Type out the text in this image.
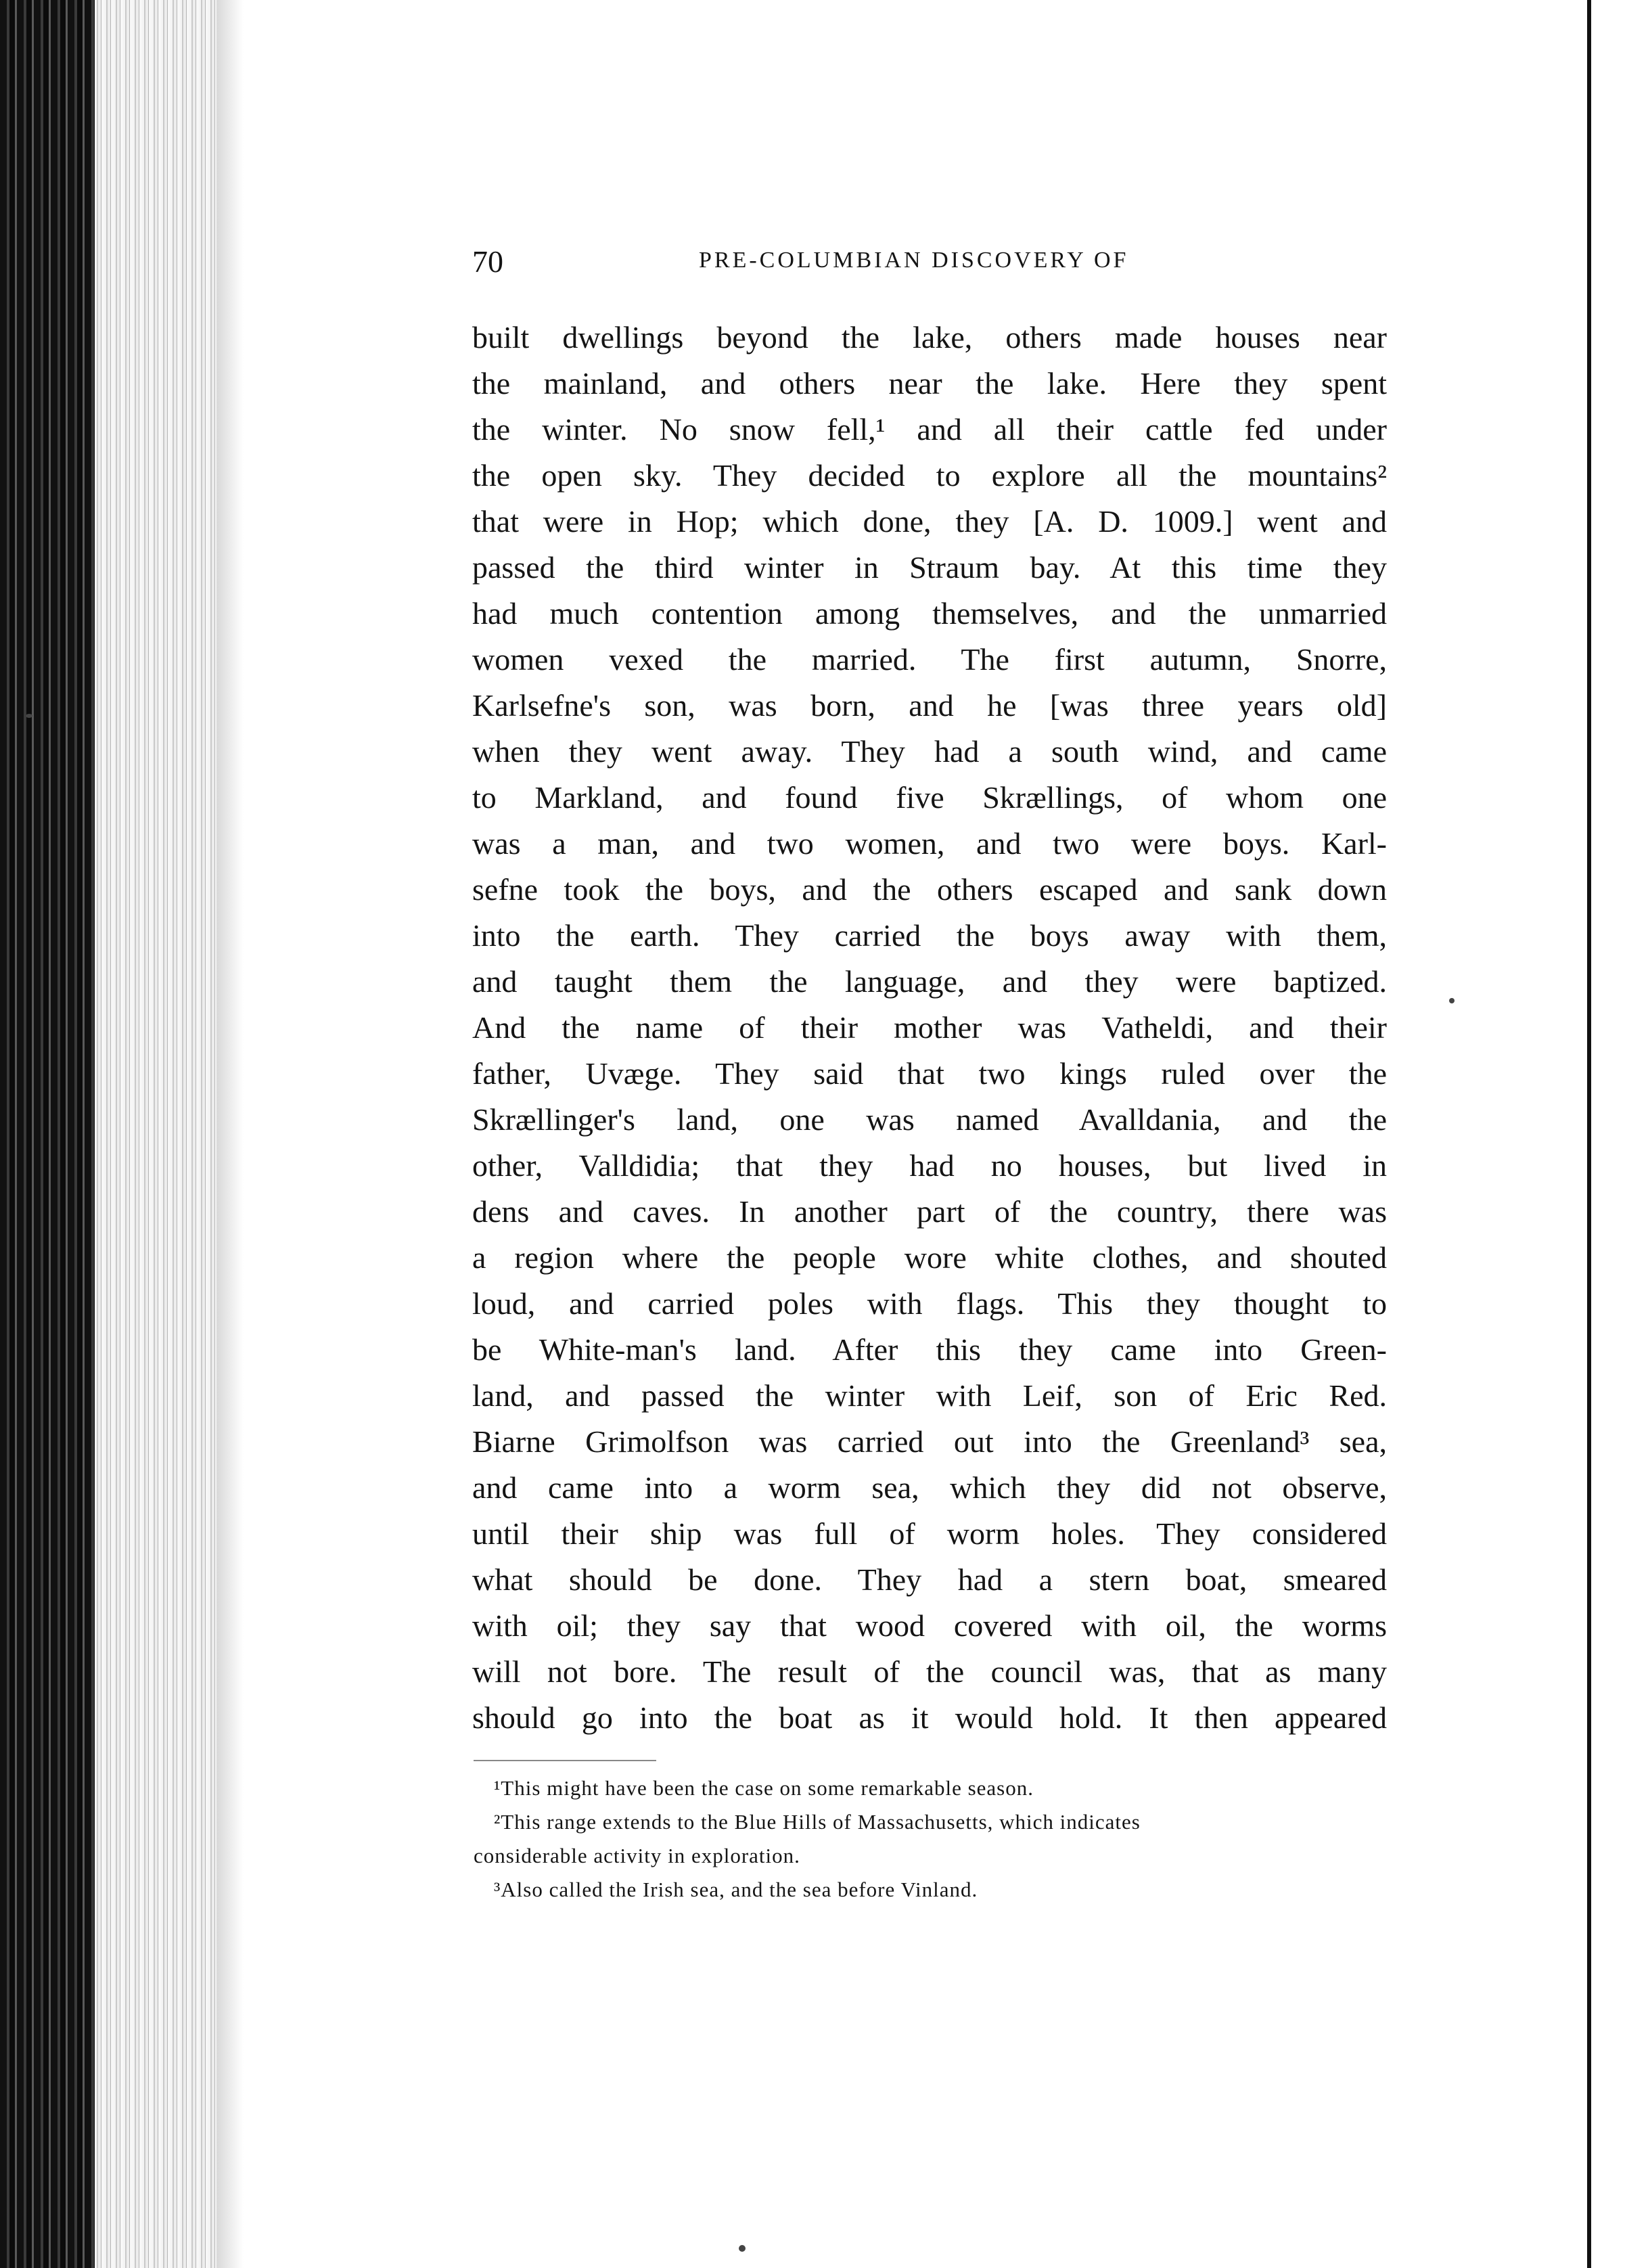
70	PRE-COLUMBIAN DISCOVERY OF
built dwellings beyond the lake, others made houses near
the mainland, and others near the lake. Here they spent
the winter. No snow fell,¹ and all their cattle fed under
the open sky. They decided to explore all the mountains²
that were in Hop; which done, they [A. D. 1009.] went and
passed the third winter in Straum bay. At this time they
had much contention among themselves, and the unmarried
women vexed the married. The first autumn, Snorre,
Karlsefne's son, was born, and he [was three years old]
when they went away. They had a south wind, and came
to Markland, and found five Skrællings, of whom one
was a man, and two women, and two were boys. Karl-
sefne took the boys, and the others escaped and sank down
into the earth. They carried the boys away with them,
and taught them the language, and they were baptized.
And the name of their mother was Vatheldi, and their
father, Uvæge. They said that two kings ruled over the
Skrællinger's land, one was named Avalldania, and the
other, Valldidia; that they had no houses, but lived in
dens and caves. In another part of the country, there was
a region where the people wore white clothes, and shouted
loud, and carried poles with flags. This they thought to
be White-man's land. After this they came into Green-
land, and passed the winter with Leif, son of Eric Red.
Biarne Grimolfson was carried out into the Greenland³ sea,
and came into a worm sea, which they did not observe,
until their ship was full of worm holes. They considered
what should be done. They had a stern boat, smeared
with oil; they say that wood covered with oil, the worms
will not bore. The result of the council was, that as many
should go into the boat as it would hold. It then appeared
¹This might have been the case on some remarkable season.
²This range extends to the Blue Hills of Massachusetts, which indicates
considerable activity in exploration.
³Also called the Irish sea, and the sea before Vinland.
